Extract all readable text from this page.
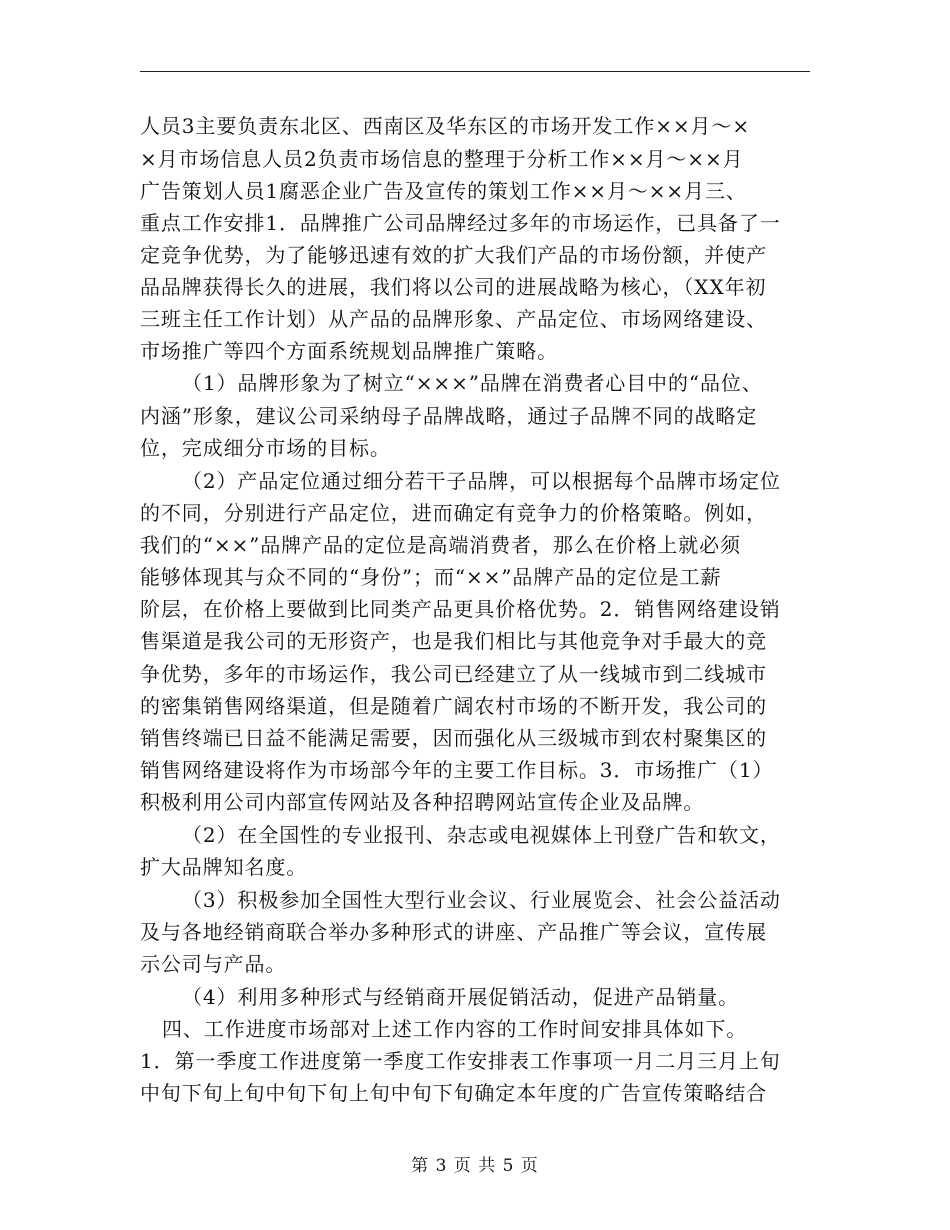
人员3主要负责东北区、西南区及华东区的市场开发工作××月～×
×月市场信息人员2负责市场信息的整理于分析工作××月～××月
广告策划人员1腐恶企业广告及宣传的策划工作××月～××月三、
重点工作安排1．品牌推广公司品牌经过多年的市场运作，已具备了一
定竞争优势，为了能够迅速有效的扩大我们产品的市场份额，并使产
品品牌获得长久的进展，我们将以公司的进展战略为核心，（XX年初
三班主任工作计划）从产品的品牌形象、产品定位、市场网络建设、
市场推广等四个方面系统规划品牌推广策略。
（1）品牌形象为了树立“×××”品牌在消费者心目中的“品位、
内涵”形象，建议公司采纳母子品牌战略，通过子品牌不同的战略定
位，完成细分市场的目标。
（2）产品定位通过细分若干子品牌，可以根据每个品牌市场定位
的不同，分别进行产品定位，进而确定有竞争力的价格策略。例如，
我们的“××”品牌产品的定位是高端消费者，那么在价格上就必须
能够体现其与众不同的“身份”；而“××”品牌产品的定位是工薪
阶层，在价格上要做到比同类产品更具价格优势。2．销售网络建设销
售渠道是我公司的无形资产，也是我们相比与其他竞争对手最大的竞
争优势，多年的市场运作，我公司已经建立了从一线城市到二线城市
的密集销售网络渠道，但是随着广阔农村市场的不断开发，我公司的
销售终端已日益不能满足需要，因而强化从三级城市到农村聚集区的
销售网络建设将作为市场部今年的主要工作目标。3．市场推广（1）
积极利用公司内部宣传网站及各种招聘网站宣传企业及品牌。
（2）在全国性的专业报刊、杂志或电视媒体上刊登广告和软文，
扩大品牌知名度。
（3）积极参加全国性大型行业会议、行业展览会、社会公益活动
及与各地经销商联合举办多种形式的讲座、产品推广等会议，宣传展
示公司与产品。
（4）利用多种形式与经销商开展促销活动，促进产品销量。
四、工作进度市场部对上述工作内容的工作时间安排具体如下。
1．第一季度工作进度第一季度工作安排表工作事项一月二月三月上旬
中旬下旬上旬中旬下旬上旬中旬下旬确定本年度的广告宣传策略结合
第 3 页 共 5 页
